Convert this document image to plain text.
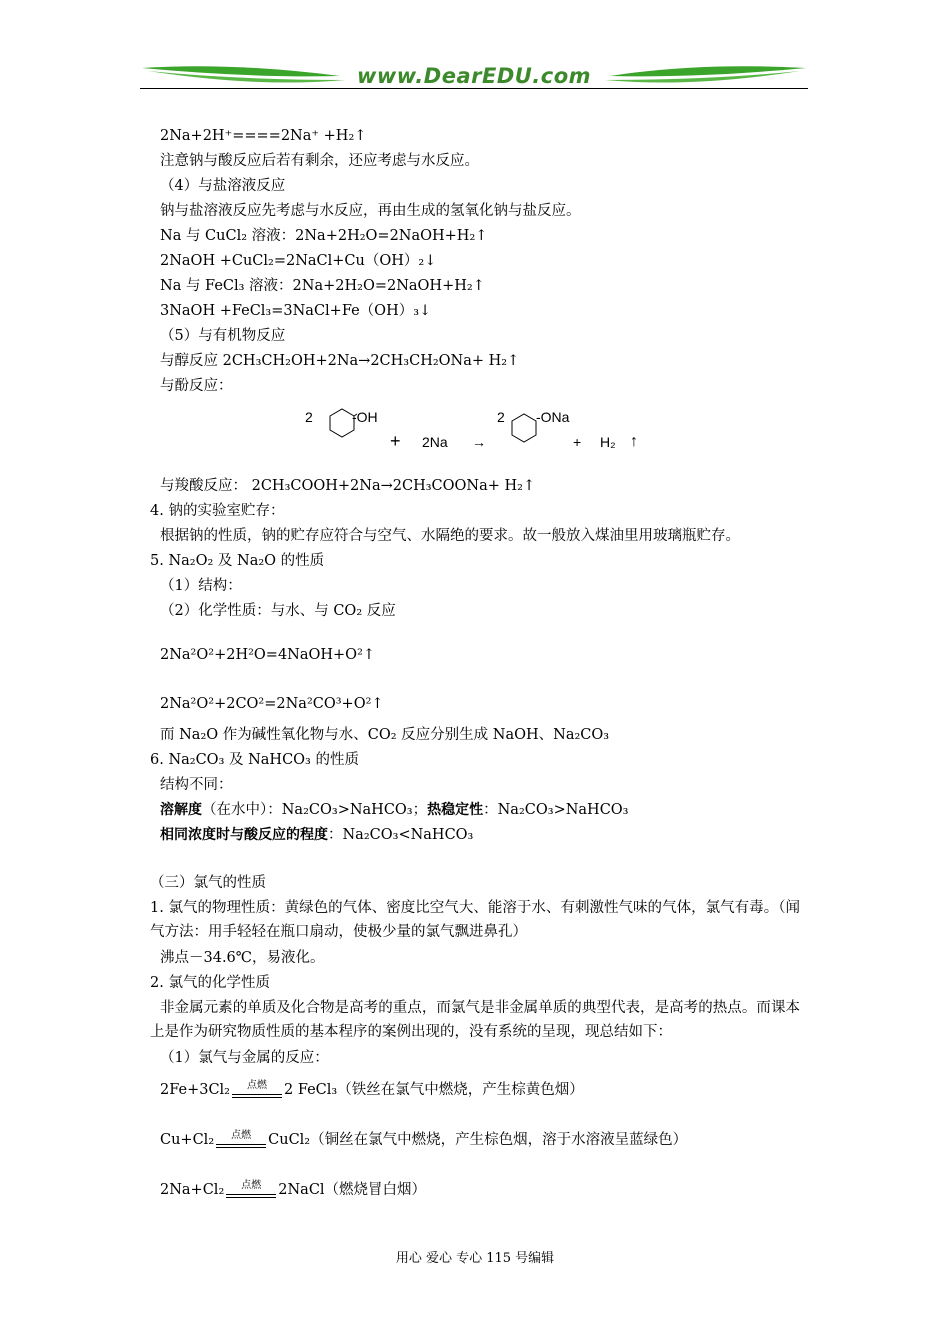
www.DearEDU.com
2Na+2H⁺====2Na⁺ +H₂↑
注意钠与酸反应后若有剩余，还应考虑与水反应。
（4）与盐溶液反应
钠与盐溶液反应先考虑与水反应，再由生成的氢氧化钠与盐反应。
Na 与 CuCl₂ 溶液：2Na+2H₂O=2NaOH+H₂↑
2NaOH +CuCl₂=2NaCl+Cu（OH）₂↓
Na 与 FeCl₃ 溶液：2Na+2H₂O=2NaOH+H₂↑
3NaOH +FeCl₃=3NaCl+Fe（OH）₃↓
（5）与有机物反应
与醇反应 2CH₃CH₂OH+2Na→2CH₃CH₂ONa+ H₂↑
与酚反应：
2	-OH
+ 2Na →
2 -ONa
+ H₂ ↑
与羧酸反应： 2CH₃COOH+2Na→2CH₃COONa+ H₂↑
4. 钠的实验室贮存：
根据钠的性质，钠的贮存应符合与空气、水隔绝的要求。故一般放入煤油里用玻璃瓶贮存。
5. Na₂O₂ 及 Na₂O 的性质
（1）结构：
（2）化学性质：与水、与 CO₂ 反应
2Na²O²+2H²O=4NaOH+O²↑
2Na²O²+2CO²=2Na²CO³+O²↑
而 Na₂O 作为碱性氧化物与水、CO₂ 反应分别生成 NaOH、Na₂CO₃
6. Na₂CO₃ 及 NaHCO₃ 的性质
结构不同：
溶解度（在水中）：Na₂CO₃>NaHCO₃；热稳定性：Na₂CO₃>NaHCO₃
相同浓度时与酸反应的程度：Na₂CO₃<NaHCO₃
（三）氯气的性质
1. 氯气的物理性质：黄绿色的气体、密度比空气大、能溶于水、有刺激性气味的气体，氯气有毒。（闻气方法：用手轻轻在瓶口扇动，使极少量的氯气飘进鼻孔）
沸点－34.6℃，易液化。
2. 氯气的化学性质
非金属元素的单质及化合物是高考的重点，而氯气是非金属单质的典型代表，是高考的热点。而课本上是作为研究物质性质的基本程序的案例出现的，没有系统的呈现，现总结如下：
（1）氯气与金属的反应：
2Fe+3Cl₂	点燃	2 FeCl₃（铁丝在氯气中燃烧，产生棕黄色烟）
Cu+Cl₂	点燃	CuCl₂（铜丝在氯气中燃烧，产生棕色烟，溶于水溶液呈蓝绿色）
2Na+Cl₂	点燃	2NaCl（燃烧冒白烟）
用心 爱心 专心 115 号编辑
